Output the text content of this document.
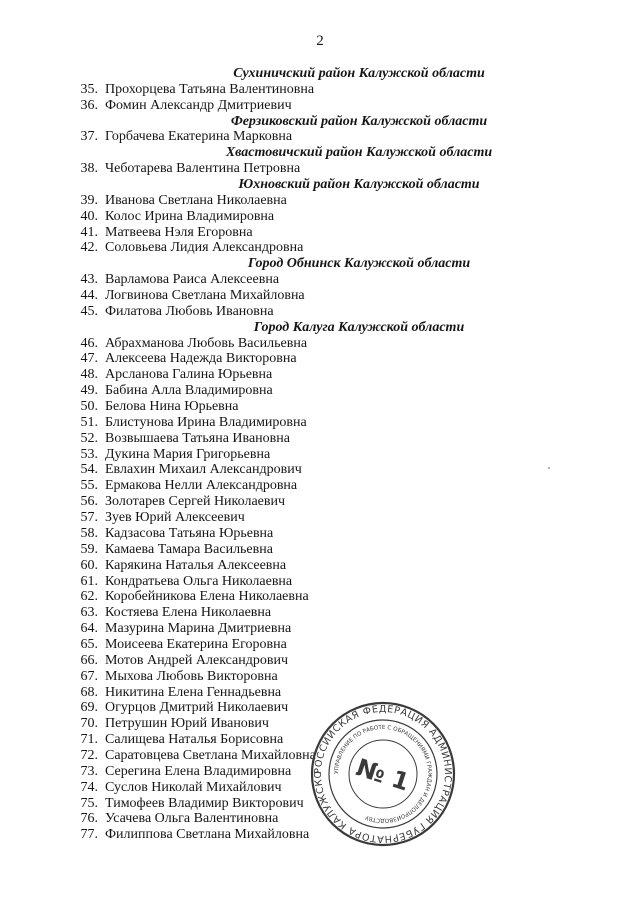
2
Сухиничский район Калужской области
35. Прохорцева Татьяна Валентиновна
36. Фомин Александр Дмитриевич
Ферзиковский район Калужской области
37. Горбачева Екатерина Марковна
Хвастовичский район Калужской области
38. Чеботарева Валентина Петровна
Юхновский район Калужской области
39. Иванова Светлана Николаевна
40. Колос Ирина Владимировна
41. Матвеева Нэля Егоровна
42. Соловьева Лидия Александровна
Город Обнинск Калужской области
43. Варламова Раиса Алексеевна
44. Логвинова Светлана Михайловна
45. Филатова Любовь Ивановна
Город Калуга Калужской области
46. Абрахманова Любовь Васильевна
47. Алексеева Надежда Викторовна
48. Арсланова Галина Юрьевна
49. Бабина Алла Владимировна
50. Белова Нина Юрьевна
51. Блистунова Ирина Владимировна
52. Возвышаева Татьяна Ивановна
53. Дукина Мария Григорьевна
54. Евлахин Михаил Александрович
55. Ермакова Нелли Александровна
56. Золотарев Сергей Николаевич
57. Зуев Юрий Алексеевич
58. Кадзасова Татьяна Юрьевна
59. Камаева Тамара Васильевна
60. Карякина Наталья Алексеевна
61. Кондратьева Ольга Николаевна
62. Коробейникова Елена Николаевна
63. Костяева Елена Николаевна
64. Мазурина Марина Дмитриевна
65. Моисеева Екатерина Егоровна
66. Мотов Андрей Александрович
67. Мыхова Любовь Викторовна
68. Никитина Елена Геннадьевна
69. Огурцов Дмитрий Николаевич
70. Петрушин Юрий Иванович
71. Салищева Наталья Борисовна
72. Саратовцева Светлана Михайловна
73. Серегина Елена Владимировна
74. Суслов Николай Михайлович
75. Тимофеев Владимир Викторович
76. Усачева Ольга Валентиновна
77. Филиппова Светлана Михайловна
РОССИЙСКАЯ ФЕДЕРАЦИЯ АДМИНИСТРАЦИЯ ГУБЕРНАТОРА КАЛУЖСКО	УПРАВЛЕНИЕ ПО РАБОТЕ С ОБРАЩЕНИЯМИ ГРАЖДАН И ДЕЛОПРОИЗВОДСТВУ
№ 1
